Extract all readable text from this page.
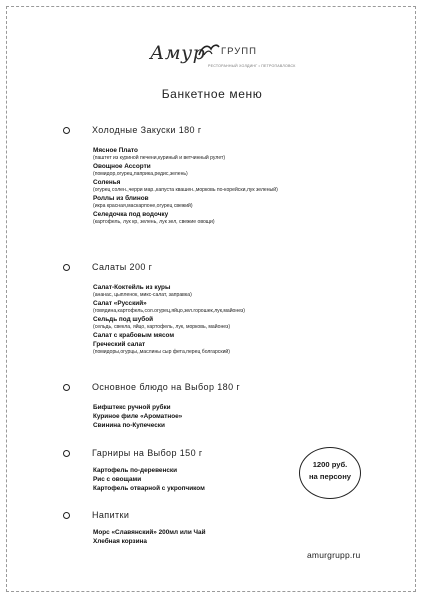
Амур ГРУПП
РЕСТОРАННЫЙ ХОЛДИНГ • ПЕТРОПАВЛОВСК
Банкетное меню
Холодные Закуски 180 г
Мясное Плато
(паштет из куриной печени,куриный и ветчинный рулет)
Овощное Ассорти
(помидор,огурец,паприка,редис,зелень)
Соленья
(огурец солен.,черри мар.,капуста квашен.,морковь по-корейски,лук зеленый)
Роллы из блинов
(икра красная,маскарпоне,огурец свежий)
Селедочка под водочку
(картофель, лук кр, зелень, лук зел, свежие овощи)
Салаты 200 г
Салат-Коктейль из куры
(ананас, цыпленок, микс-салат, заправка)
Салат «Русский»
(говядина,картофель,сол.огурец,яйцо,зел.горошек,лук,майонез)
Сельдь под шубой
(сельдь, свекла, яйцо, картофель, лук, морковь, майонез)
Салат с крабовым мясом
Греческий салат
(помидоры,огурцы,,маслины сыр фета,перец болгарский)
Основное блюдо на Выбор 180 г
Бифштекс ручной рубки
Куриное филе «Ароматное»
Свинина по-Купечески
Гарниры на Выбор 150 г
Картофель по-деревенски
Рис с овощами
Картофель отварной с укропчиком
Напитки
Морс «Славянский» 200мл или Чай
Хлебная корзина
1200 руб.
на персону
amurgrupp.ru
